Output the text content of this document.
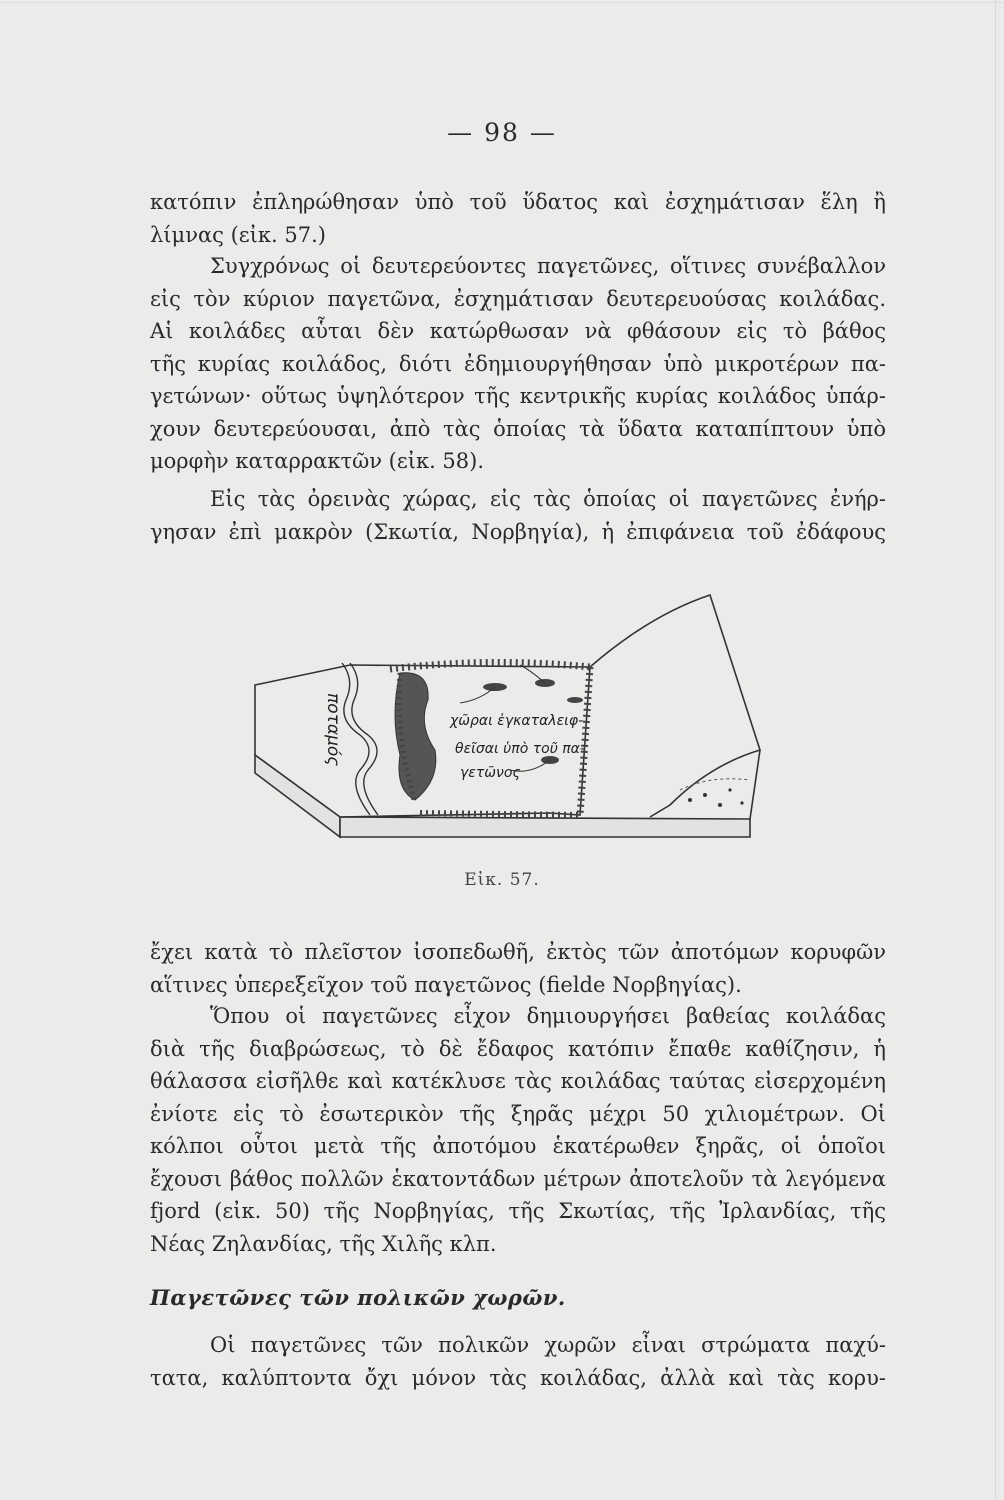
— 98 —

κατόπιν ἐπληρώθησαν ὑπὸ τοῦ ὕδατος καὶ ἐσχημάτισαν ἕλη ἢ
λίμνας (εἰκ. 57.)

Συγχρόνως οἱ δευτερεύοντες παγετῶνες, οἵτινες συνέβαλλον
εἰς τὸν κύριον παγετῶνα, ἐσχημάτισαν δευτερευούσας κοιλάδας.
Αἱ κοιλάδες αὗται δὲν κατώρθωσαν νὰ φθάσουν εἰς τὸ βάθος
τῆς κυρίας κοιλάδος, διότι ἐδημιουργήθησαν ὑπὸ μικροτέρων πα-
γετώνων· οὕτως ὑψηλότερον τῆς κεντρικῆς κυρίας κοιλάδος ὑπάρ-
χουν δευτερεύουσαι, ἀπὸ τὰς ὁποίας τὰ ὕδατα καταπίπτουν ὑπὸ
μορφὴν καταρρακτῶν (εἰκ. 58).

Εἰς τὰς ὀρεινὰς χώρας, εἰς τὰς ὁποίας οἱ παγετῶνες ἐνήρ-
γησαν ἐπὶ μακρὸν (Σκωτία, Νορβηγία), ἡ ἐπιφάνεια τοῦ ἐδάφους

ποταμός	χῶραι ἐγκαταλειφ-
θεῖσαι ὑπὸ τοῦ πα-
γετῶνος
Εἰκ. 57.

ἔχει κατὰ τὸ πλεῖστον ἰσοπεδωθῆ, ἐκτὸς τῶν ἀποτόμων κορυφῶν
αἵτινες ὑπερεξεῖχον τοῦ παγετῶνος (fielde Νορβηγίας).

Ὅπου οἱ παγετῶνες εἶχον δημιουργήσει βαθείας κοιλάδας
διὰ τῆς διαβρώσεως, τὸ δὲ ἔδαφος κατόπιν ἔπαθε καθίζησιν, ἡ
θάλασσα εἰσῆλθε καὶ κατέκλυσε τὰς κοιλάδας ταύτας εἰσερχομένη
ἐνίοτε εἰς τὸ ἐσωτερικὸν τῆς ξηρᾶς μέχρι 50 χιλιομέτρων. Οἱ
κόλποι οὗτοι μετὰ τῆς ἀποτόμου ἑκατέρωθεν ξηρᾶς, οἱ ὁποῖοι
ἔχουσι βάθος πολλῶν ἑκατοντάδων μέτρων ἀποτελοῦν τὰ λεγόμενα
fjord (εἰκ. 50) τῆς Νορβηγίας, τῆς Σκωτίας, τῆς Ἰρλανδίας, τῆς
Νέας Ζηλανδίας, τῆς Χιλῆς κλπ.

Παγετῶνες τῶν πολικῶν χωρῶν.

Οἱ παγετῶνες τῶν πολικῶν χωρῶν εἶναι στρώματα παχύ-
τατα, καλύπτοντα ὄχι μόνον τὰς κοιλάδας, ἀλλὰ καὶ τὰς κορυ-
